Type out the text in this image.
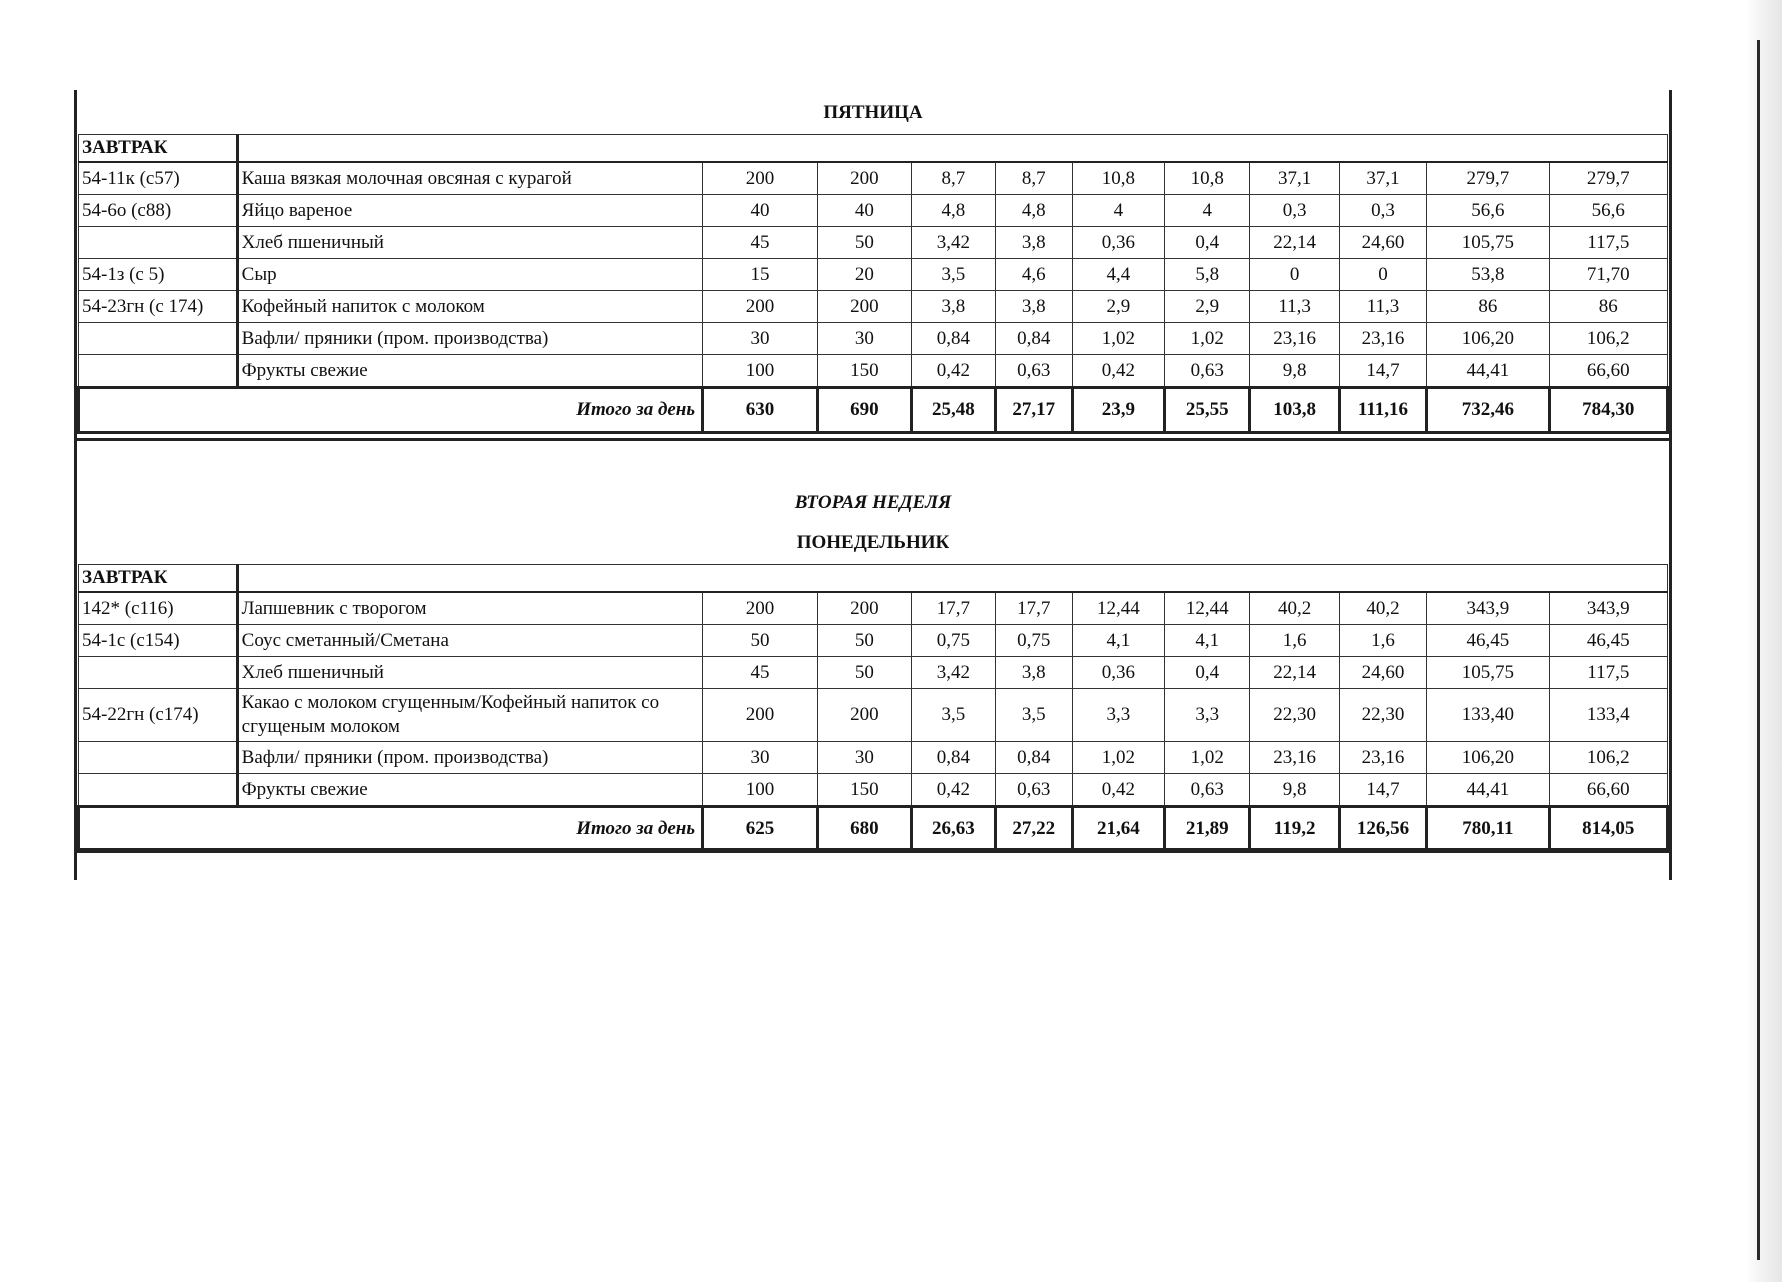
ПЯТНИЦА
ЗАВТРАК											
54-11к (с57)	Каша вязкая молочная овсяная с курагой	200	200	8,7	8,7	10,8	10,8	37,1	37,1	279,7	279,7
54-6о (с88)	Яйцо вареное	40	40	4,8	4,8	4	4	0,3	0,3	56,6	56,6
	Хлеб пшеничный	45	50	3,42	3,8	0,36	0,4	22,14	24,60	105,75	117,5
54-1з (с 5)	Сыр	15	20	3,5	4,6	4,4	5,8	0	0	53,8	71,70
54-23гн (с 174)	Кофейный напиток с молоком	200	200	3,8	3,8	2,9	2,9	11,3	11,3	86	86
	Вафли/ пряники (пром. производства)	30	30	0,84	0,84	1,02	1,02	23,16	23,16	106,20	106,2
	Фрукты свежие	100	150	0,42	0,63	0,42	0,63	9,8	14,7	44,41	66,60
Итого за день		630	690	25,48	27,17	23,9	25,55	103,8	111,16	732,46	784,30
ВТОРАЯ НЕДЕЛЯ
ПОНЕДЕЛЬНИК
ЗАВТРАК											
142* (с116)	Лапшевник с творогом	200	200	17,7	17,7	12,44	12,44	40,2	40,2	343,9	343,9
54-1с (с154)	Соус сметанный/Сметана	50	50	0,75	0,75	4,1	4,1	1,6	1,6	46,45	46,45
	Хлеб пшеничный	45	50	3,42	3,8	0,36	0,4	22,14	24,60	105,75	117,5
54-22гн (с174)	Какао с молоком сгущенным/Кофейный напиток со сгущеным молоком	200	200	3,5	3,5	3,3	3,3	22,30	22,30	133,40	133,4
	Вафли/ пряники (пром. производства)	30	30	0,84	0,84	1,02	1,02	23,16	23,16	106,20	106,2
	Фрукты свежие	100	150	0,42	0,63	0,42	0,63	9,8	14,7	44,41	66,60
Итого за день		625	680	26,63	27,22	21,64	21,89	119,2	126,56	780,11	814,05
